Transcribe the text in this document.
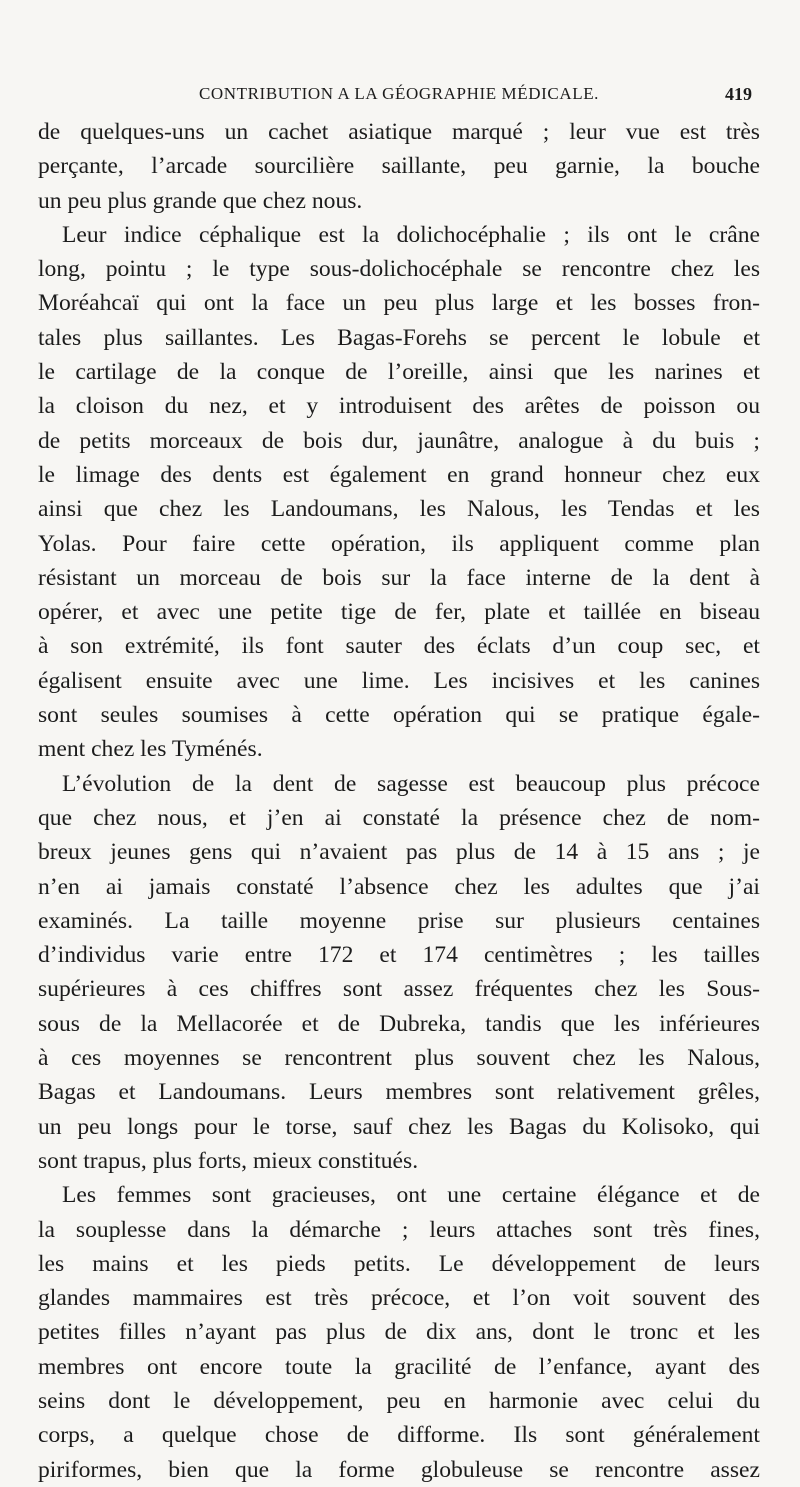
CONTRIBUTION A LA GÉOGRAPHIE MÉDICALE.	419
de quelques-uns un cachet asiatique marqué ; leur vue est très
perçante, l’arcade sourcilière saillante, peu garnie, la bouche
un peu plus grande que chez nous.
Leur indice céphalique est la dolichocéphalie ; ils ont le crâne
long, pointu ; le type sous-dolichocéphale se rencontre chez les
Moréahcaï qui ont la face un peu plus large et les bosses fron-
tales plus saillantes. Les Bagas-Forehs se percent le lobule et
le cartilage de la conque de l’oreille, ainsi que les narines et
la cloison du nez, et y introduisent des arêtes de poisson ou
de petits morceaux de bois dur, jaunâtre, analogue à du buis ;
le limage des dents est également en grand honneur chez eux
ainsi que chez les Landoumans, les Nalous, les Tendas et les
Yolas. Pour faire cette opération, ils appliquent comme plan
résistant un morceau de bois sur la face interne de la dent à
opérer, et avec une petite tige de fer, plate et taillée en biseau
à son extrémité, ils font sauter des éclats d’un coup sec, et
égalisent ensuite avec une lime. Les incisives et les canines
sont seules soumises à cette opération qui se pratique égale-
ment chez les Tyménés.
L’évolution de la dent de sagesse est beaucoup plus précoce
que chez nous, et j’en ai constaté la présence chez de nom-
breux jeunes gens qui n’avaient pas plus de 14 à 15 ans ; je
n’en ai jamais constaté l’absence chez les adultes que j’ai
examinés. La taille moyenne prise sur plusieurs centaines
d’individus varie entre 172 et 174 centimètres ; les tailles
supérieures à ces chiffres sont assez fréquentes chez les Sous-
sous de la Mellacorée et de Dubreka, tandis que les inférieures
à ces moyennes se rencontrent plus souvent chez les Nalous,
Bagas et Landoumans. Leurs membres sont relativement grêles,
un peu longs pour le torse, sauf chez les Bagas du Kolisoko, qui
sont trapus, plus forts, mieux constitués.
Les femmes sont gracieuses, ont une certaine élégance et de
la souplesse dans la démarche ; leurs attaches sont très fines,
les mains et les pieds petits. Le développement de leurs
glandes mammaires est très précoce, et l’on voit souvent des
petites filles n’ayant pas plus de dix ans, dont le tronc et les
membres ont encore toute la gracilité de l’enfance, ayant des
seins dont le développement, peu en harmonie avec celui du
corps, a quelque chose de difforme. Ils sont généralement
piriformes, bien que la forme globuleuse se rencontre assez
